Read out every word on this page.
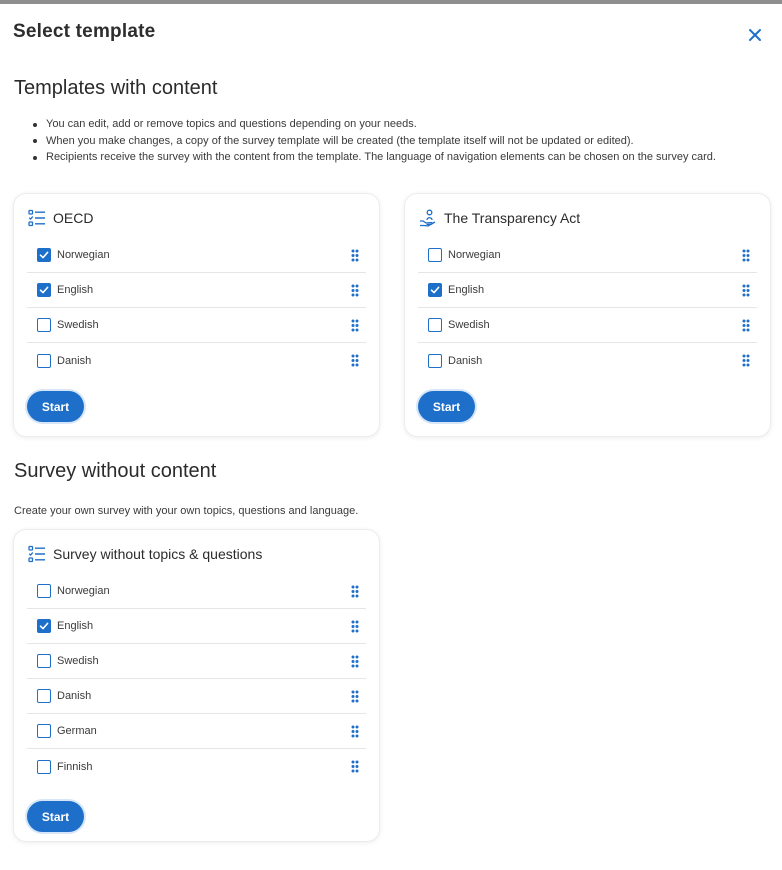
Select template
Templates with content
You can edit, add or remove topics and questions depending on your needs.
When you make changes, a copy of the survey template will be created (the template itself will not be updated or edited).
Recipients receive the survey with the content from the template. The language of navigation elements can be chosen on the survey card.
OECD
Norwegian
English
Swedish
Danish
Start
The Transparency Act
Norwegian
English
Swedish
Danish
Start
Survey without content
Create your own survey with your own topics, questions and language.
Survey without topics & questions
Norwegian
English
Swedish
Danish
German
Finnish
Start
